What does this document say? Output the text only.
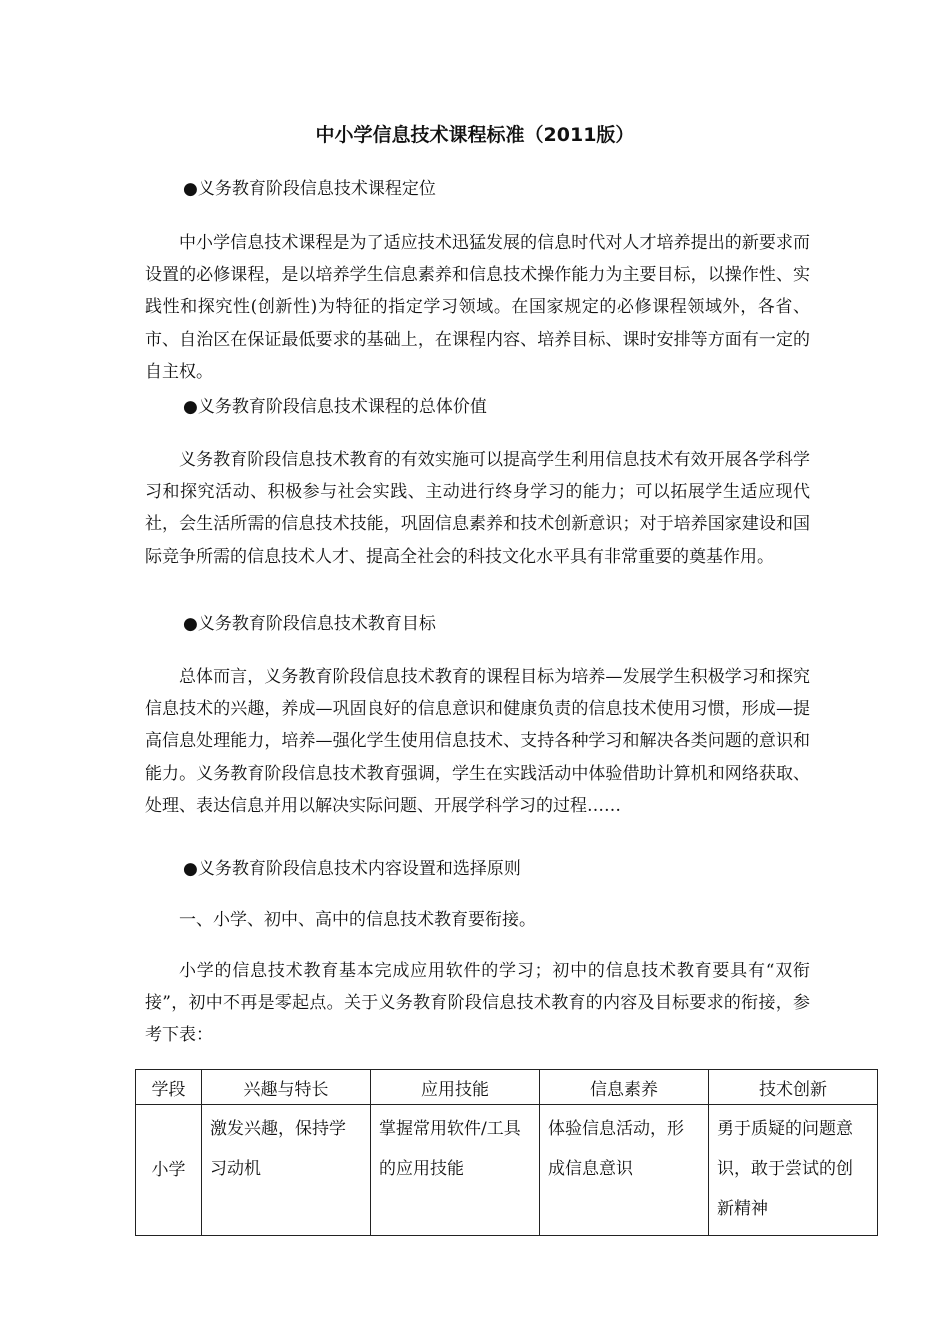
中小学信息技术课程标准（2011版）
●义务教育阶段信息技术课程定位

中小学信息技术课程是为了适应技术迅猛发展的信息时代对人才培养提出的新要求而设置的必修课程，是以培养学生信息素养和信息技术操作能力为主要目标，以操作性、实践性和探究性(创新性)为特征的指定学习领域。在国家规定的必修课程领域外，各省、市、自治区在保证最低要求的基础上，在课程内容、培养目标、课时安排等方面有一定的自主权。

●义务教育阶段信息技术课程的总体价值

义务教育阶段信息技术教育的有效实施可以提高学生利用信息技术有效开展各学科学习和探究活动、积极参与社会实践、主动进行终身学习的能力；可以拓展学生适应现代社，会生活所需的信息技术技能，巩固信息素养和技术创新意识；对于培养国家建设和国际竞争所需的信息技术人才、提高全社会的科技文化水平具有非常重要的奠基作用。

●义务教育阶段信息技术教育目标

总体而言，义务教育阶段信息技术教育的课程目标为培养—发展学生积极学习和探究信息技术的兴趣，养成—巩固良好的信息意识和健康负责的信息技术使用习惯，形成—提高信息处理能力，培养—强化学生使用信息技术、支持各种学习和解决各类问题的意识和能力。义务教育阶段信息技术教育强调，学生在实践活动中体验借助计算机和网络获取、处理、表达信息并用以解决实际问题、开展学科学习的过程……

●义务教育阶段信息技术内容设置和选择原则

一、小学、初中、高中的信息技术教育要衔接。

小学的信息技术教育基本完成应用软件的学习；初中的信息技术教育要具有“双衔接”，初中不再是零起点。关于义务教育阶段信息技术教育的内容及目标要求的衔接，参考下表：

学段	兴趣与特长	应用技能	信息素养	技术创新
小学	激发兴趣，保持学习动机	掌握常用软件/工具的应用技能	体验信息活动，形成信息意识	勇于质疑的问题意识，敢于尝试的创新精神
